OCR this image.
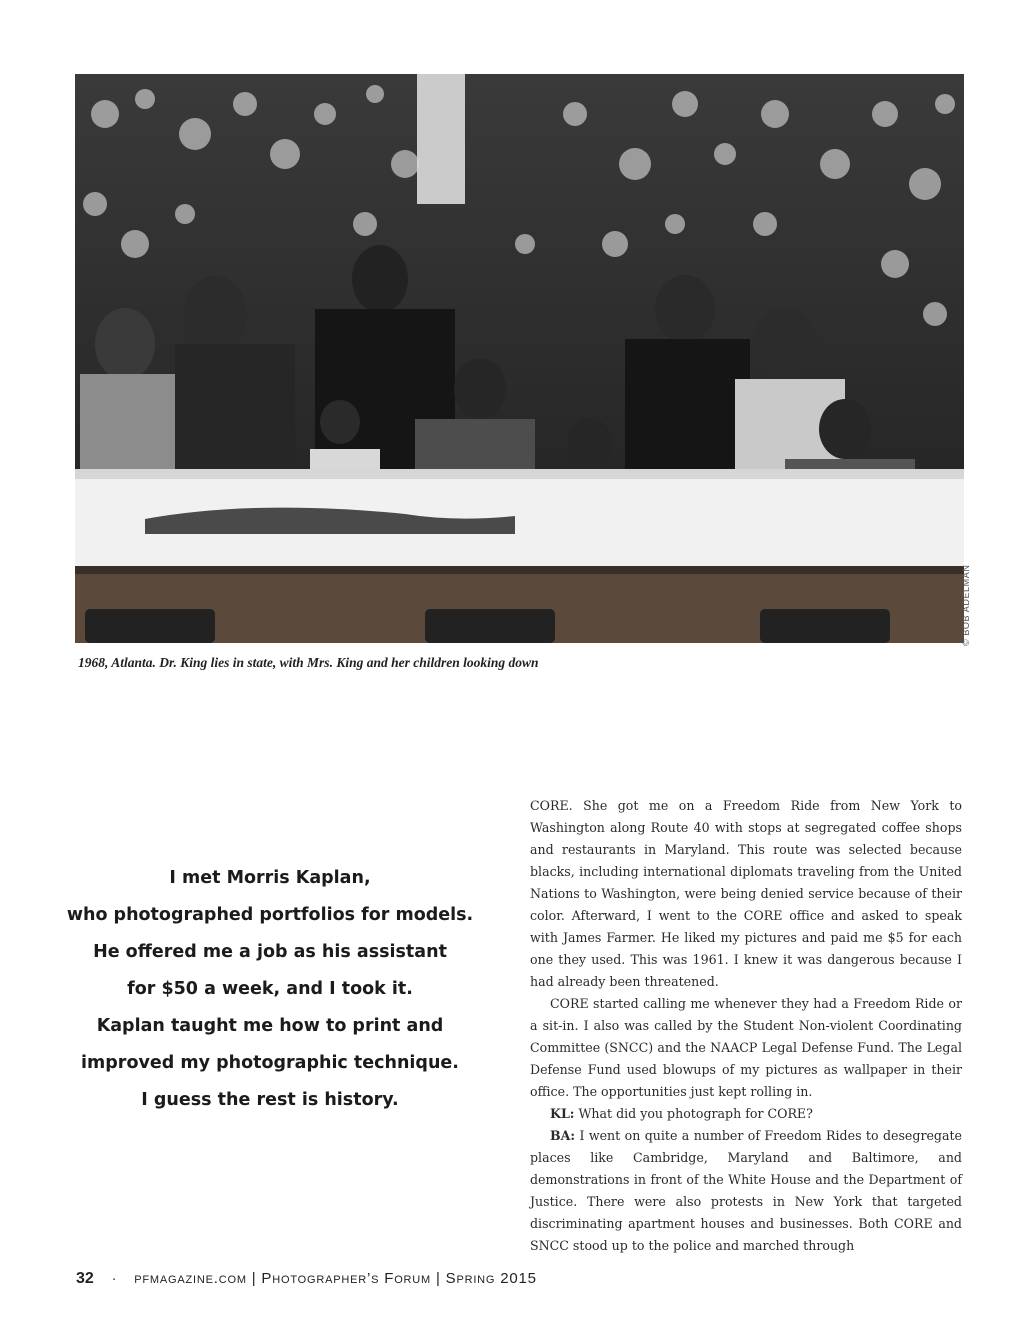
© BOB ADELMAN
1968, Atlanta. Dr. King lies in state, with Mrs. King and her children looking down
I met Morris Kaplan,
who photographed portfolios for models.
He offered me a job as his assistant
for $50 a week, and I took it.
Kaplan taught me how to print and
improved my photographic technique.
I guess the rest is history.

CORE. She got me on a Freedom Ride from New York to Washington along Route 40 with stops at segregated coffee shops and restaurants in Maryland. This route was selected because blacks, including international diplomats traveling from the United Nations to Washington, were being denied service because of their color. Afterward, I went to the CORE office and asked to speak with James Farmer. He liked my pictures and paid me $5 for each one they used. This was 1961. I knew it was dangerous because I had already been threatened.

CORE started calling me whenever they had a Freedom Ride or a sit-in. I also was called by the Student Non-violent Coordinating Committee (SNCC) and the NAACP Legal Defense Fund. The Legal Defense Fund used blowups of my pictures as wallpaper in their office. The opportunities just kept rolling in.

KL: What did you photograph for CORE?

BA: I went on quite a number of Freedom Rides to desegregate places like Cambridge, Maryland and Baltimore, and demonstrations in front of the White House and the Department of Justice. There were also protests in New York that targeted discriminating apartment houses and businesses. Both CORE and SNCC stood up to the police and marched through

32 · pfmagazine.com | Photographer’s Forum | Spring 2015
